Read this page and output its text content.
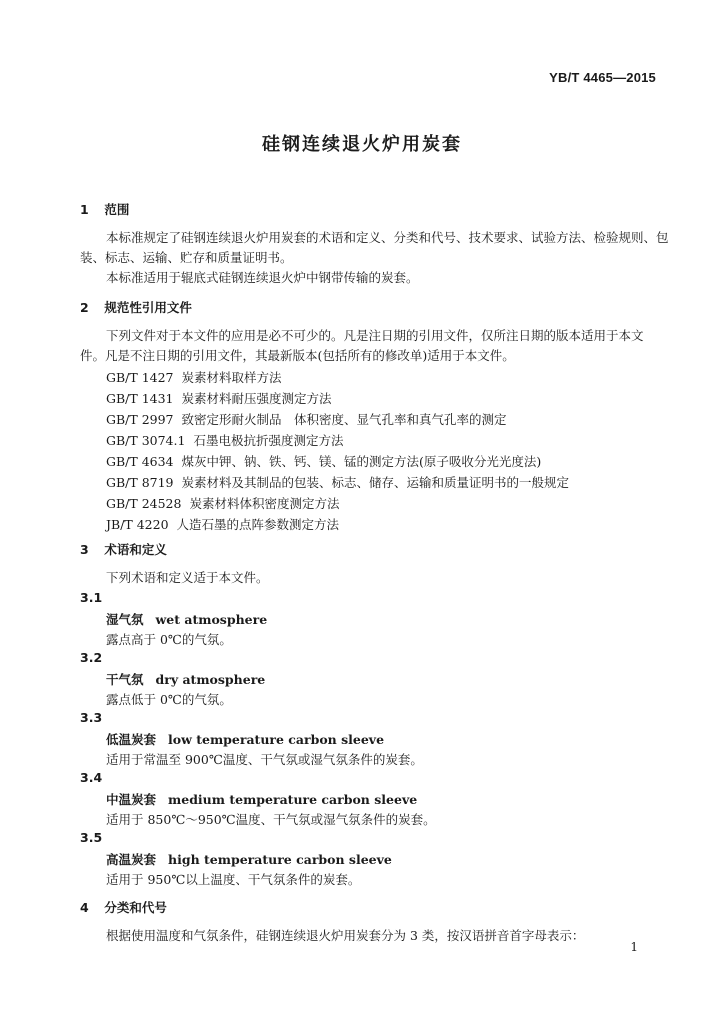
YB/T 4465—2015
硅钢连续退火炉用炭套
1 范围
本标准规定了硅钢连续退火炉用炭套的术语和定义、分类和代号、技术要求、试验方法、检验规则、包
装、标志、运输、贮存和质量证明书。
本标准适用于辊底式硅钢连续退火炉中钢带传输的炭套。
2 规范性引用文件
下列文件对于本文件的应用是必不可少的。凡是注日期的引用文件，仅所注日期的版本适用于本文
件。凡是不注日期的引用文件，其最新版本(包括所有的修改单)适用于本文件。
GB/T 1427 炭素材料取样方法
GB/T 1431 炭素材料耐压强度测定方法
GB/T 2997 致密定形耐火制品　体积密度、显气孔率和真气孔率的测定
GB/T 3074.1 石墨电极抗折强度测定方法
GB/T 4634 煤灰中钾、钠、铁、钙、镁、锰的测定方法(原子吸收分光光度法)
GB/T 8719 炭素材料及其制品的包装、标志、储存、运输和质量证明书的一般规定
GB/T 24528 炭素材料体积密度测定方法
JB/T 4220 人造石墨的点阵参数测定方法
3 术语和定义
下列术语和定义适于本文件。
3.1
湿气氛 wet atmosphere
露点高于 0℃的气氛。
3.2
干气氛 dry atmosphere
露点低于 0℃的气氛。
3.3
低温炭套 low temperature carbon sleeve
适用于常温至 900℃温度、干气氛或湿气氛条件的炭套。
3.4
中温炭套 medium temperature carbon sleeve
适用于 850℃～950℃温度、干气氛或湿气氛条件的炭套。
3.5
高温炭套 high temperature carbon sleeve
适用于 950℃以上温度、干气氛条件的炭套。
4 分类和代号
根据使用温度和气氛条件，硅钢连续退火炉用炭套分为 3 类，按汉语拼音首字母表示：
1
